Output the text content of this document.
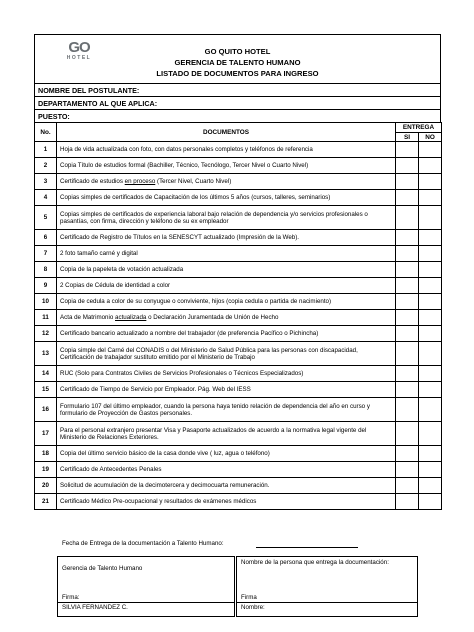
GO
HOTEL
GO QUITO HOTEL
GERENCIA DE TALENTO HUMANO
LISTADO DE DOCUMENTOS PARA INGRESO

NOMBRE DEL POSTULANTE:
DEPARTAMENTO AL QUE APLICA:
PUESTO:
No.	DOCUMENTOS	ENTREGA	
		SI	NO
1	Hoja de vida actualizada con foto, con datos personales completos y teléfonos de referencia		
2	Copia Título de estudios formal (Bachiller, Técnico, Tecnólogo, Tercer Nivel o Cuarto Nivel)		
3	Certificado de estudios en proceso (Tercer Nivel, Cuarto Nivel)		
4	Copias simples de certificados de Capacitación de los últimos 5 años (cursos, talleres, seminarios)		
5	Copias simples de certificados de experiencia laboral bajo relación de dependencia y/o servicios profesionales o pasantías, con firma, dirección y teléfono de su ex empleador		
6	Certificado de Registro de Títulos en la SENESCYT actualizado (Impresión de la Web).		
7	2 foto tamaño carné y digital		
8	Copia de la papeleta de votación actualizada		
9	2 Copias de Cédula de identidad a color		
10	Copia de cedula a color de su conyugue o conviviente, hijos (copia cedula o partida de nacimiento)		
11	Acta de Matrimonio actualizada o Declaración Juramentada de Unión de Hecho		
12	Certificado bancario actualizado a nombre del trabajador (de preferencia Pacífico o Pichincha)		
13	Copia simple del Carné del CONADIS o del Ministerio de Salud Pública para las personas con discapacidad, Certificación de trabajador sustituto emitido por el Ministerio de Trabajo		
14	RUC (Solo para Contratos Civiles de Servicios Profesionales o Técnicos Especializados)		
15	Certificado de Tiempo de Servicio por Empleador. Pág. Web del IESS		
16	Formulario 107 del último empleador, cuando la persona haya tenido relación de dependencia del año en curso y formulario de Proyección de Gastos personales.		
17	Para el personal extranjero presentar Visa y Pasaporte actualizados de acuerdo a la normativa legal vigente del Ministerio de Relaciones Exteriores.		
18	Copia del último servicio básico de la casa donde vive ( luz, agua o teléfono)		
19	Certificado de Antecedentes Penales		
20	Solicitud de acumulación de la decimotercera y decimocuarta remuneración.		
21	Certificado Médico Pre-ocupacional y resultados de exámenes médicos		
Fecha de Entrega de la documentación a Talento Humano:
Gerencia de Talento Humano
Firma:
SILVIA FERNANDEZ C.
Nombre de la persona que entrega la documentación:
Firma
Nombre:
